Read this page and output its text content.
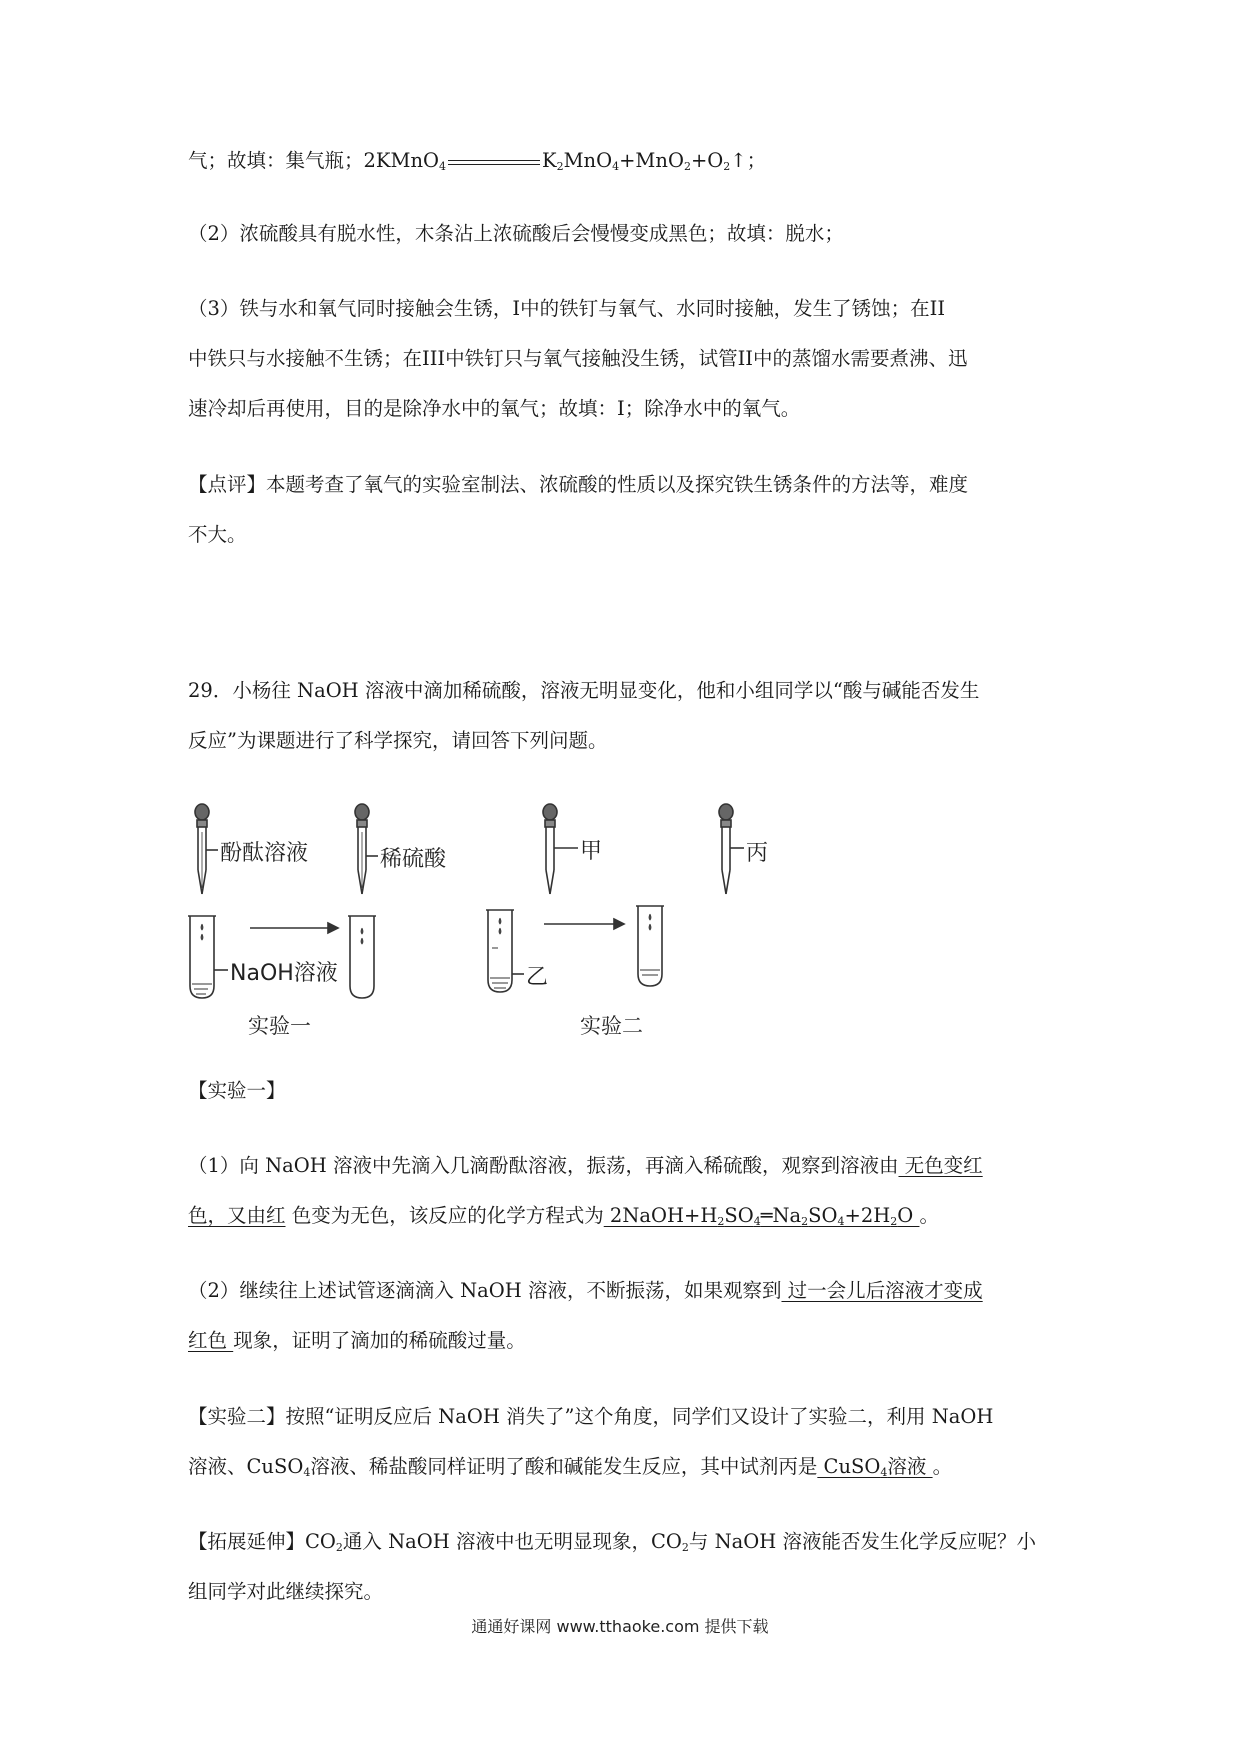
气；故填：集气瓶；2KMnO$_4$	$K_2MnO_4+MnO_2+O_2↑$；
（2）浓硫酸具有脱水性，木条沾上浓硫酸后会慢慢变成黑色；故填：脱水；
（3）铁与水和氧气同时接触会生锈，Ⅰ中的铁钉与氧气、水同时接触，发生了锈蚀；在II
中铁只与水接触不生锈；在III中铁钉只与氧气接触没生锈，试管II中的蒸馏水需要煮沸、迅
速冷却后再使用，目的是除净水中的氧气；故填：Ⅰ；除净水中的氧气。
【点评】本题考查了氧气的实验室制法、浓硫酸的性质以及探究铁生锈条件的方法等，难度
不大。
29．小杨往 NaOH 溶液中滴加稀硫酸，溶液无明显变化，他和小组同学以“酸与碱能否发生
反应”为课题进行了科学探究，请回答下列问题。
【实验一】
（1）向 NaOH 溶液中先滴入几滴酚酞溶液，振荡，再滴入稀硫酸，观察到溶液由 无色变红
色，又由红 色变为无色，该反应的化学方程式为 $2NaOH+H_2SO_4═Na_2SO_4+2H_2O$ 。
（2）继续往上述试管逐滴滴入 NaOH 溶液，不断振荡，如果观察到 过一会儿后溶液才变成
红色 现象，证明了滴加的稀硫酸过量。
【实验二】按照“证明反应后 NaOH 消失了”这个角度，同学们又设计了实验二，利用 NaOH
溶液、CuSO$_4$溶液、稀盐酸同样证明了酸和碱能发生反应，其中试剂丙是 CuSO$_4$溶液 。
【拓展延伸】$CO_2$通入 NaOH 溶液中也无明显现象，$CO_2$与 NaOH 溶液能否发生化学反应呢？小
组同学对此继续探究。
酚酞溶液	稀硫酸	甲	丙
NaOH溶液	乙
实验一	实验二
通通好课网 www.tthaoke.com 提供下载
